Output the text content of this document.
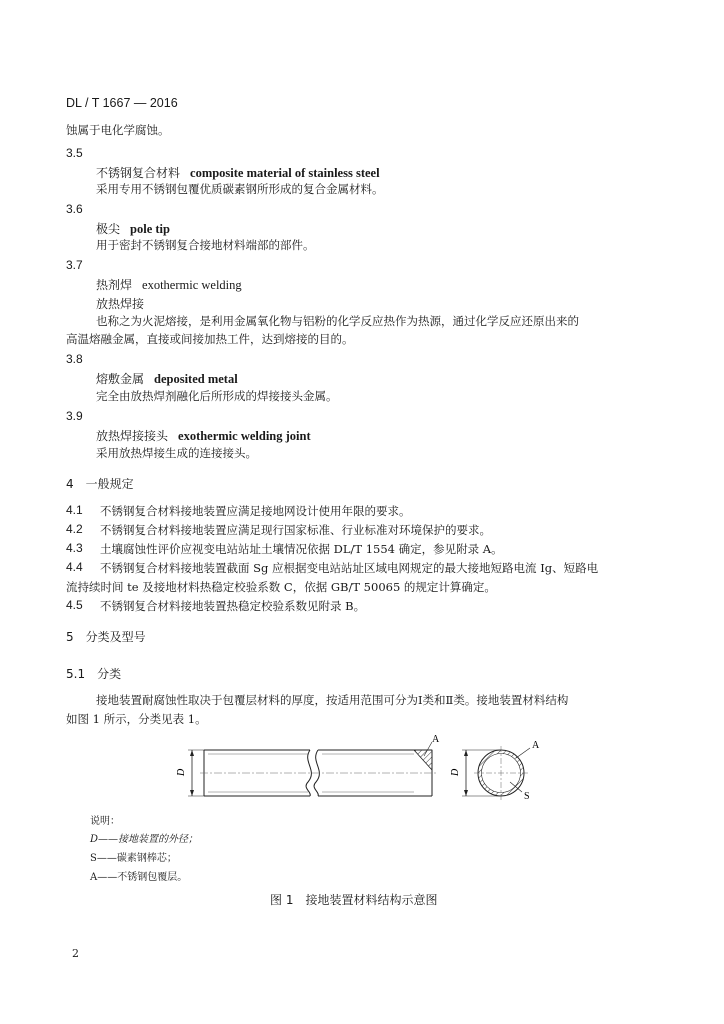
DL / T 1667 — 2016
蚀属于电化学腐蚀。
3.5
不锈钢复合材料 composite material of stainless steel
采用专用不锈钢包覆优质碳素钢所形成的复合金属材料。
3.6
极尖 pole tip
用于密封不锈钢复合接地材料端部的部件。
3.7
热剂焊 exothermic welding
放热焊接
也称之为火泥熔接，是利用金属氧化物与铝粉的化学反应热作为热源，通过化学反应还原出来的
高温熔融金属，直接或间接加热工件，达到熔接的目的。
3.8
熔敷金属 deposited metal
完全由放热焊剂融化后所形成的焊接接头金属。
3.9
放热焊接接头 exothermic welding joint
采用放热焊接生成的连接接头。
4　一般规定
4.1 不锈钢复合材料接地装置应满足接地网设计使用年限的要求。
4.2 不锈钢复合材料接地装置应满足现行国家标准、行业标准对环境保护的要求。
4.3 土壤腐蚀性评价应视变电站站址土壤情况依据 DL/T 1554 确定，参见附录 A。
4.4 不锈钢复合材料接地装置截面 Sg 应根据变电站站址区域电网规定的最大接地短路电流 Ig、短路电
流持续时间 te 及接地材料热稳定校验系数 C，依据 GB/T 50065 的规定计算确定。
4.5 不锈钢复合材料接地装置热稳定校验系数见附录 B。
5　分类及型号
5.1　分类
接地装置耐腐蚀性取决于包覆层材料的厚度，按适用范围可分为Ⅰ类和Ⅱ类。接地装置材料结构
如图 1 所示，分类见表 1。
D
A
D
A
S
说明：
D——接地装置的外径；
S——碳素钢棒芯；
A——不锈钢包覆层。
图 1　接地装置材料结构示意图
2
